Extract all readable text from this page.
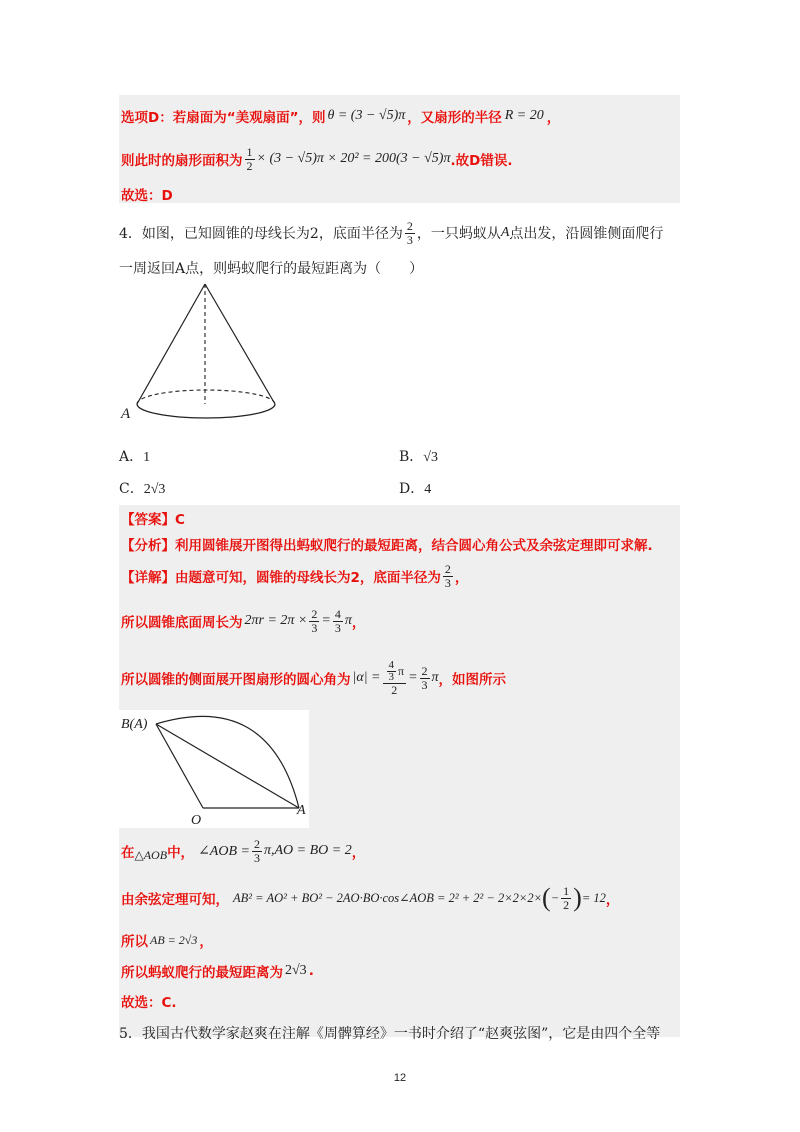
选项D：若扇面为“美观扇面”，则 θ = (3 − √5)π ，又扇形的半径 R = 20 ，
则此时的扇形面积为 $\frac{1}{2} \times (3 - √5)\pi \times 20^2 = 200(3 - √5)\pi$ .故D错误.
故选：D
4．如图，已知圆锥的母线长为2，底面半径为 $\frac{2}{3}$ ，一只蚂蚁从 A 点出发，沿圆锥侧面爬行
一周返回A点，则蚂蚁爬行的最短距离为（　　）
A
A．1	B．√3
C．2√3	D．4
【答案】C
【分析】利用圆锥展开图得出蚂蚁爬行的最短距离，结合圆心角公式及余弦定理即可求解.
【详解】由题意可知，圆锥的母线长为2，底面半径为 $\frac{2}{3}$ ，
所以圆锥底面周长为 $2\pi r = 2\pi \times \frac{2}{3} = \frac{4}{3}$ π ，
所以圆锥的侧面展开图扇形的圆心角为 $|\alpha| = \frac{\frac{4}{3} \pi}{2} = \frac{2}{3}$ π ，如图所示
B(A)
O
A
在 △AOB 中， ∠AOB = $\frac{2}{3} \pi,AO$ = BO = 2 ，
由余弦定理可知， AB² = AO² + BO² − 2AO·BO·cos∠AOB = 2² + 2² − 2×2×2× ( − $\frac{1}{2}$ ) = 12 ，
所以 AB = 2√3 ，
所以蚂蚁爬行的最短距离为 2√3 .
故选：C.
5．我国古代数学家赵爽在注解《周髀算经》一书时介绍了“赵爽弦图”，它是由四个全等
12
